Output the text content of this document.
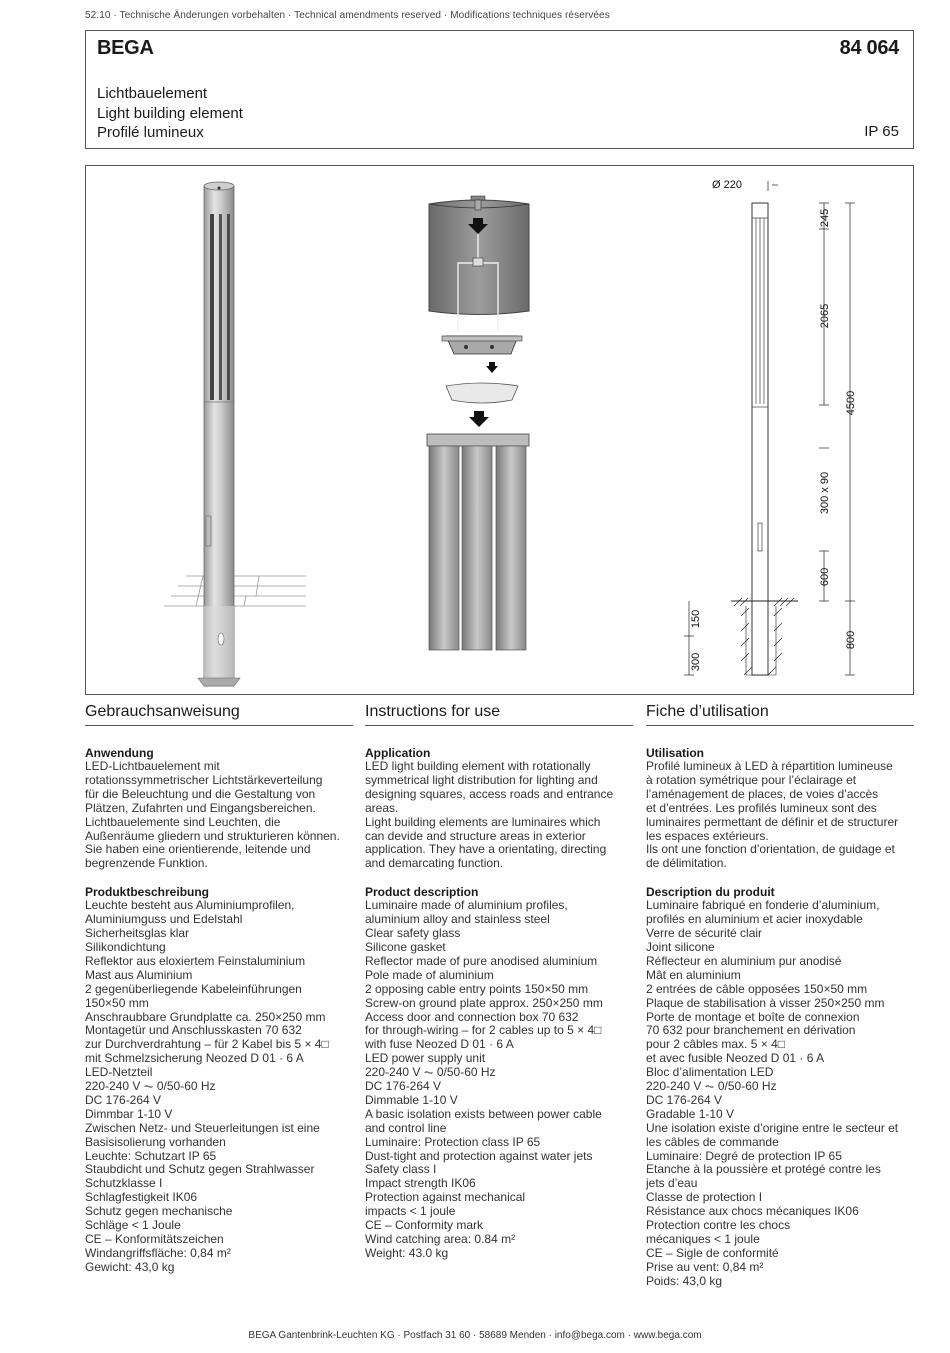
52.10 · Technische Änderungen vorbehalten · Technical amendments reserved · Modifications techniques réservées
BEGA	84 064
Lichtbauelement
Light building element
Profilé lumineux	IP 65
Ø 220
245
2065
4500
300 x 90
600
800
150
300
Gebrauchsanweisung
Anwendung
LED-Lichtbauelement mit
rotationssymmetrischer Lichtstärkeverteilung
für die Beleuchtung und die Gestaltung von
Plätzen, Zufahrten und Eingangsbereichen.
Lichtbauelemente sind Leuchten, die
Außenräume gliedern und strukturieren können.
Sie haben eine orientierende, leitende und
begrenzende Funktion.
Produktbeschreibung
Leuchte besteht aus Aluminiumprofilen,
Aluminiumguss und Edelstahl
Sicherheitsglas klar
Silikondichtung
Reflektor aus eloxiertem Feinstaluminium
Mast aus Aluminium
2 gegenüberliegende Kabeleinführungen
150×50 mm
Anschraubbare Grundplatte ca. 250×250 mm
Montagetür und Anschlusskasten 70 632
zur Durchverdrahtung – für 2 Kabel bis 5 × 4□
mit Schmelzsicherung Neozed D 01 · 6 A
LED-Netzteil
220-240 V ⏦ 0/50-60 Hz
DC 176-264 V
Dimmbar 1-10 V
Zwischen Netz- und Steuerleitungen ist eine
Basisisolierung vorhanden
Leuchte: Schutzart IP 65
Staubdicht und Schutz gegen Strahlwasser
Schutzklasse I
Schlagfestigkeit IK06
Schutz gegen mechanische
Schläge < 1 Joule
CE – Konformitätszeichen
Windangriffsfläche: 0,84 m²
Gewicht: 43,0 kg
Instructions for use
Application
LED light building element with rotationally
symmetrical light distribution for lighting and
designing squares, access roads and entrance
areas.
Light building elements are luminaires which
can devide and structure areas in exterior
application. They have a orientating, directing
and demarcating function.
Product description
Luminaire made of aluminium profiles,
aluminium alloy and stainless steel
Clear safety glass
Silicone gasket
Reflector made of pure anodised aluminium
Pole made of aluminium
2 opposing cable entry points 150×50 mm
Screw-on ground plate approx. 250×250 mm
Access door and connection box 70 632
for through-wiring – for 2 cables up to 5 × 4□
with fuse Neozed D 01 · 6 A
LED power supply unit
220-240 V ⏦ 0/50-60 Hz
DC 176-264 V
Dimmable 1-10 V
A basic isolation exists between power cable
and control line
Luminaire: Protection class IP 65
Dust-tight and protection against water jets
Safety class I
Impact strength IK06
Protection against mechanical
impacts < 1 joule
CE – Conformity mark
Wind catching area: 0.84 m²
Weight: 43.0 kg
Fiche d’utilisation
Utilisation
Profilé lumineux à LED à répartition lumineuse
à rotation symétrique pour l’éclairage et
l’aménagement de places, de voies d’accès
et d’entrées. Les profilés lumineux sont des
luminaires permettant de définir et de structurer
les espaces extérieurs.
Ils ont une fonction d’orientation, de guidage et
de délimitation.
Description du produit
Luminaire fabriqué en fonderie d’aluminium,
profilés en aluminium et acier inoxydable
Verre de sécurité clair
Joint silicone
Réflecteur en aluminium pur anodisé
Mât en aluminium
2 entrées de câble opposées 150×50 mm
Plaque de stabilisation à visser 250×250 mm
Porte de montage et boîte de connexion
70 632 pour branchement en dérivation
pour 2 câbles max. 5 × 4□
et avec fusible Neozed D 01 · 6 A
Bloc d’alimentation LED
220-240 V ⏦ 0/50-60 Hz
DC 176-264 V
Gradable 1-10 V
Une isolation existe d’origine entre le secteur et
les câbles de commande
Luminaire: Degré de protection IP 65
Etanche à la poussière et protégé contre les
jets d’eau
Classe de protection I
Résistance aux chocs mécaniques IK06
Protection contre les chocs
mécaniques < 1 joule
CE – Sigle de conformité
Prise au vent: 0,84 m²
Poids: 43,0 kg
BEGA Gantenbrink-Leuchten KG · Postfach 31 60 · 58689 Menden · info@bega.com · www.bega.com
